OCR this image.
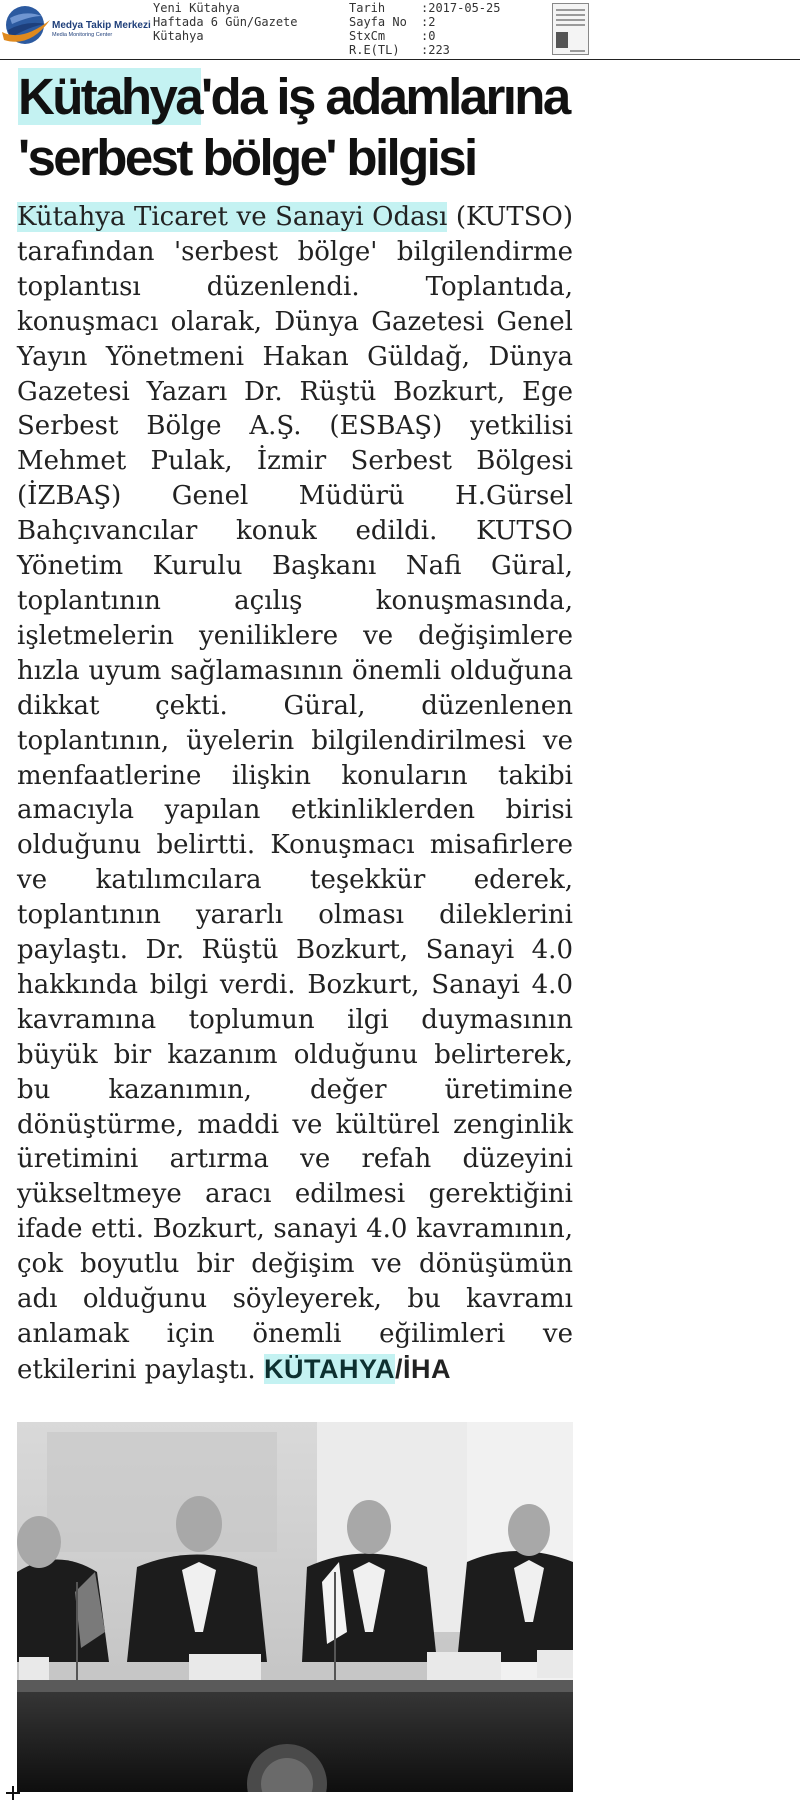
Medya Takip Merkezi
Media Monitoring Center
Yeni Kütahya
Haftada 6 Gün/Gazete
Kütahya
Tarih	:2017-05-25
Sayfa No :2
StxCm	:0
R.E(TL) :223
Kütahya'da iş adamlarına 'serbest bölge' bilgisi
Kütahya Ticaret ve Sanayi Odası (KUTSO) tarafından 'serbest bölge' bilgilendirme toplantısı düzenlendi. Toplantıda, konuşmacı olarak, Dünya Gazetesi Genel Yayın Yönetmeni Hakan Güldağ, Dünya Gazetesi Yazarı Dr. Rüştü Bozkurt, Ege Serbest Bölge A.Ş. (ESBAŞ) yetkilisi Mehmet Pulak, İzmir Serbest Bölgesi (İZBAŞ) Genel Müdürü H.Gürsel Bahçıvancılar konuk edildi. KUTSO Yönetim Kurulu Başkanı Nafi Güral, toplantının açılış konuşmasında, işletmelerin yeniliklere ve değişimlere hızla uyum sağlamasının önemli olduğuna dikkat çekti. Güral, düzenlenen toplantının, üyelerin bilgilendirilmesi ve menfaatlerine ilişkin konuların takibi amacıyla yapılan etkinliklerden birisi olduğunu belirtti. Konuşmacı misafirlere ve katılımcılara teşekkür ederek, toplantının yararlı olması dileklerini paylaştı. Dr. Rüştü Bozkurt, Sanayi 4.0 hakkında bilgi verdi. Bozkurt, Sanayi 4.0 kavramına toplumun ilgi duymasının büyük bir kazanım olduğunu belirterek, bu kazanımın, değer üretimine dönüştürme, maddi ve kültürel zenginlik üretimini artırma ve refah düzeyini yükseltmeye aracı edilmesi gerektiğini ifade etti. Bozkurt, sanayi 4.0 kavramının, çok boyutlu bir değişim ve dönüşümün adı olduğunu söyleyerek, bu kavramı anlamak için önemli eğilimleri ve etkilerini paylaştı. KÜTAHYA/İHA
